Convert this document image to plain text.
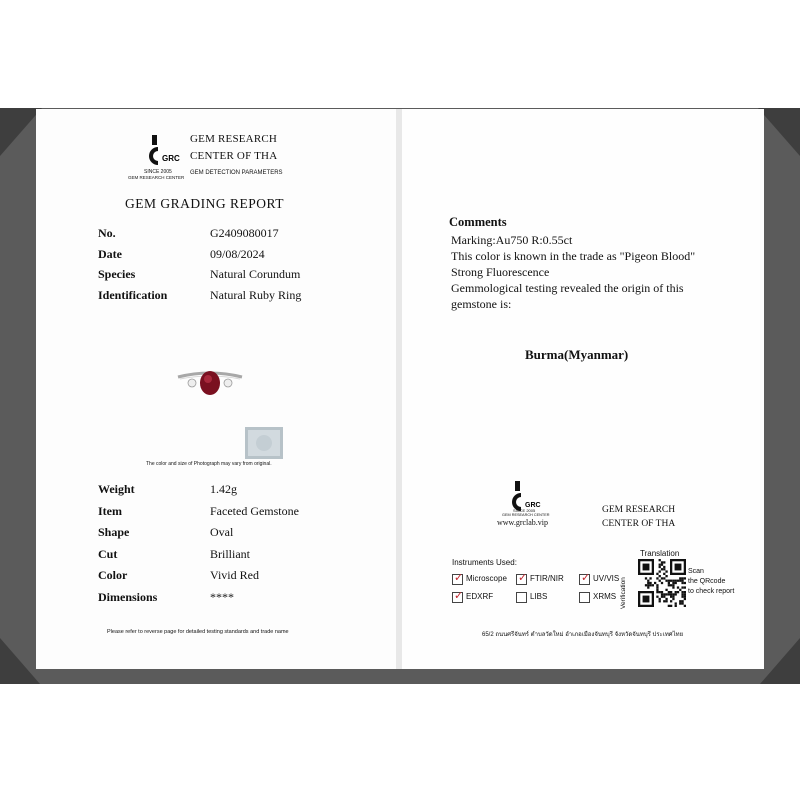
GRC
SINCE 2005
GEM RESEARCH CENTER
GEM RESEARCH
CENTER OF THA
GEM DETECTION PARAMETERS
GEM GRADING REPORT
No.	G2409080017
Date	09/08/2024
Species	Natural Corundum
Identification	Natural Ruby Ring
The color and size of Photograph may vary from original.
Weight	1.42g
Item	Faceted Gemstone
Shape	Oval
Cut	Brilliant
Color	Vivid Red
Dimensions	****
Please refer to reverse page for detailed testing standards and trade name
Comments
Marking:Au750 R:0.55ct
This color is known in the trade as "Pigeon Blood"
Strong Fluorescence
Gemmological testing revealed the origin of this
gemstone is:
Burma(Myanmar)
GRC
SINCE 2005
GEM RESEARCH CENTER
www.grclab.vip
GEM RESEARCH
CENTER OF THA
Instruments Used:
✓ Microscope ✓ FTIR/NIR ✓ UV/VIS
✓ EDXRF	LIBS	XRMS
Translation
Verification
Scan
the QRcode
to check report
65/2 ถนนศรีจันทร์ ตำบลวัดใหม่ อำเภอเมืองจันทบุรี จังหวัดจันทบุรี ประเทศไทย
